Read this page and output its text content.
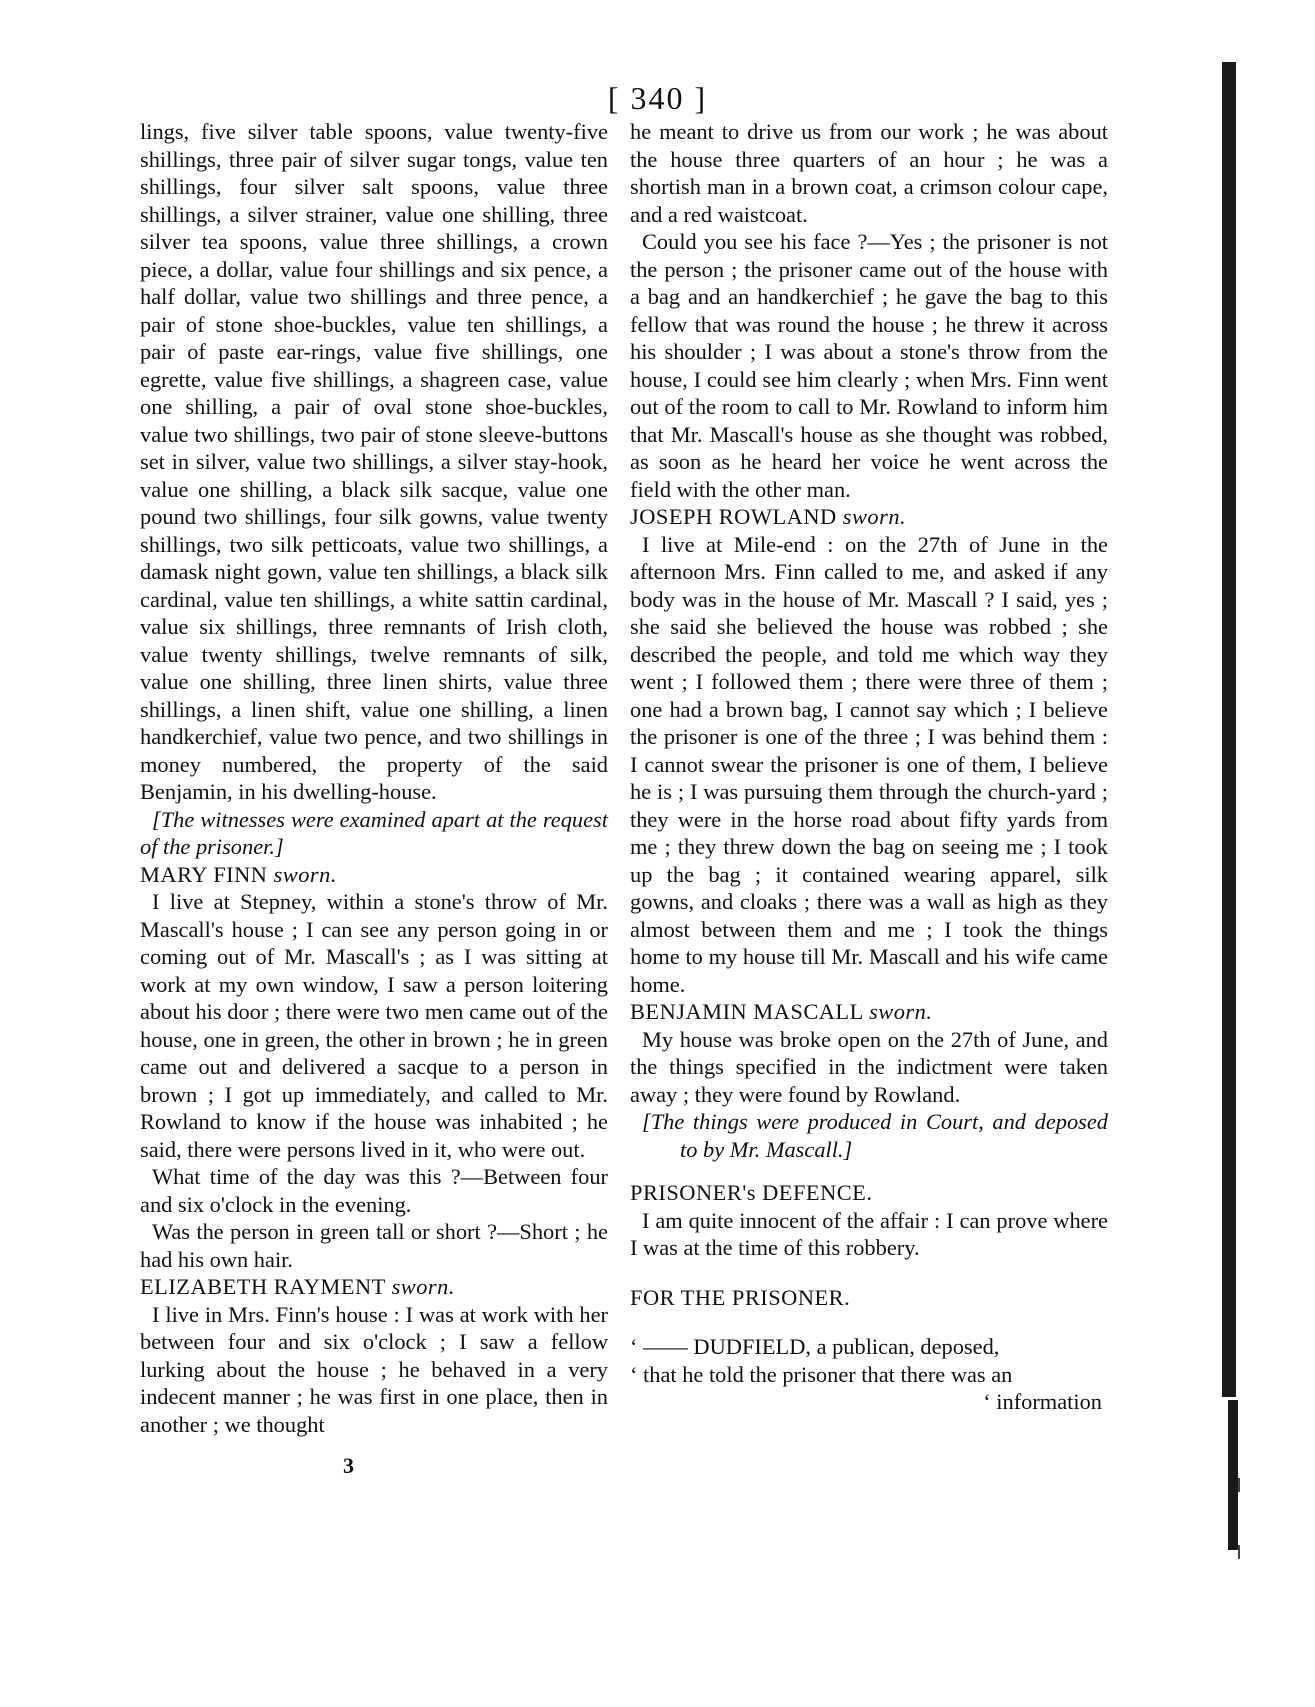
[ 340 ]

lings, five silver table spoons, value twenty-five shillings, three pair of silver sugar tongs, value ten shillings, four silver salt spoons, value three shillings, a silver strainer, value one shilling, three silver tea spoons, value three shillings, a crown piece, a dollar, value four shillings and six pence, a half dollar, value two shillings and three pence, a pair of stone shoe-buckles, value ten shillings, a pair of paste ear-rings, value five shillings, one egrette, value five shillings, a shagreen case, value one shilling, a pair of oval stone shoe-buckles, value two shillings, two pair of stone sleeve-buttons set in silver, value two shillings, a silver stay-hook, value one shilling, a black silk sacque, value one pound two shillings, four silk gowns, value twenty shillings, two silk petticoats, value two shillings, a damask night gown, value ten shillings, a black silk cardinal, value ten shillings, a white sattin cardinal, value six shillings, three remnants of Irish cloth, value twenty shillings, twelve remnants of silk, value one shilling, three linen shirts, value three shillings, a linen shift, value one shilling, a linen handkerchief, value two pence, and two shillings in money numbered, the property of the said Benjamin, in his dwelling-house.

[The witnesses were examined apart at the request of the prisoner.]

MARY FINN sworn.

I live at Stepney, within a stone's throw of Mr. Mascall's house ; I can see any person going in or coming out of Mr. Mascall's ; as I was sitting at work at my own window, I saw a person loitering about his door ; there were two men came out of the house, one in green, the other in brown ; he in green came out and delivered a sacque to a person in brown ; I got up immediately, and called to Mr. Rowland to know if the house was inhabited ; he said, there were persons lived in it, who were out.

What time of the day was this ?—Between four and six o'clock in the evening.

Was the person in green tall or short ?—Short ; he had his own hair.

ELIZABETH RAYMENT sworn.

I live in Mrs. Finn's house : I was at work with her between four and six o'clock ; I saw a fellow lurking about the house ; he behaved in a very indecent manner ; he was first in one place, then in another ; we thought

3

he meant to drive us from our work ; he was about the house three quarters of an hour ; he was a shortish man in a brown coat, a crimson colour cape, and a red waistcoat.

Could you see his face ?—Yes ; the prisoner is not the person ; the prisoner came out of the house with a bag and an handkerchief ; he gave the bag to this fellow that was round the house ; he threw it across his shoulder ; I was about a stone's throw from the house, I could see him clearly ; when Mrs. Finn went out of the room to call to Mr. Rowland to inform him that Mr. Mascall's house as she thought was robbed, as soon as he heard her voice he went across the field with the other man.

JOSEPH ROWLAND sworn.

I live at Mile-end : on the 27th of June in the afternoon Mrs. Finn called to me, and asked if any body was in the house of Mr. Mascall ? I said, yes ; she said she believed the house was robbed ; she described the people, and told me which way they went ; I followed them ; there were three of them ; one had a brown bag, I cannot say which ; I believe the prisoner is one of the three ; I was behind them : I cannot swear the prisoner is one of them, I believe he is ; I was pursuing them through the church-yard ; they were in the horse road about fifty yards from me ; they threw down the bag on seeing me ; I took up the bag ; it contained wearing apparel, silk gowns, and cloaks ; there was a wall as high as they almost between them and me ; I took the things home to my house till Mr. Mascall and his wife came home.

BENJAMIN MASCALL sworn.

My house was broke open on the 27th of June, and the things specified in the indictment were taken away ; they were found by Rowland.

[The things were produced in Court, and deposed to by Mr. Mascall.]

PRISONER's DEFENCE.

I am quite innocent of the affair : I can prove where I was at the time of this robbery.

FOR THE PRISONER.

‘ —— DUDFIELD, a publican, deposed,

‘ that he told the prisoner that there was an

‘ information
